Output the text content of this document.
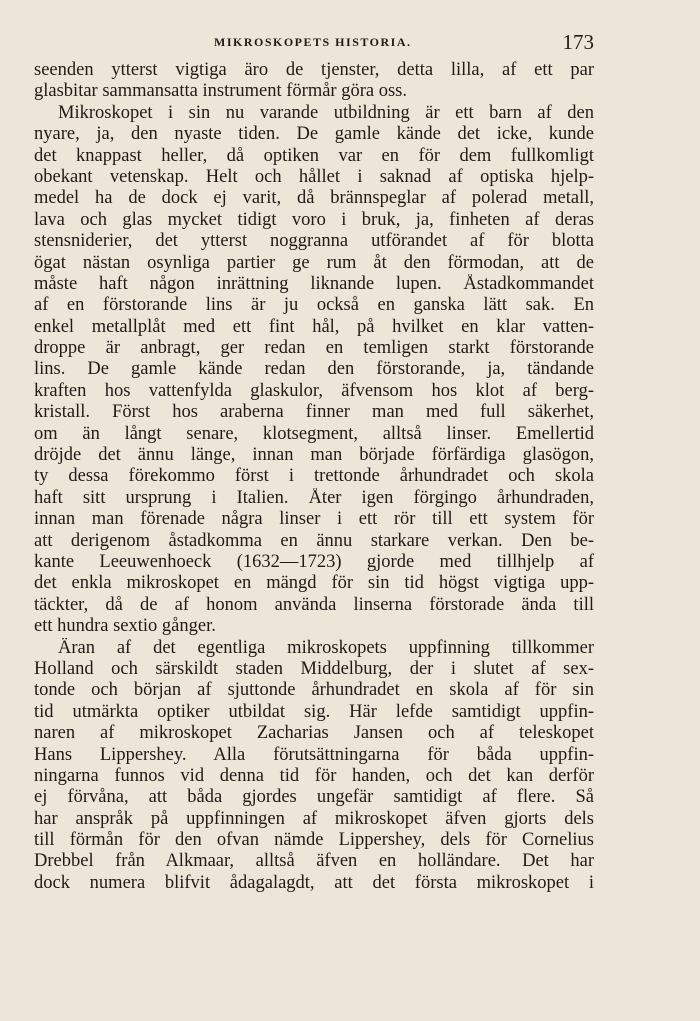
MIKROSKOPETS HISTORIA.	173
seenden ytterst vigtiga äro de tjenster, detta lilla, af ett par
glasbitar sammansatta instrument förmår göra oss.
Mikroskopet i sin nu varande utbildning är ett barn af den
nyare, ja, den nyaste tiden. De gamle kände det icke, kunde
det knappast heller, då optiken var en för dem fullkomligt
obekant vetenskap. Helt och hållet i saknad af optiska hjelp-
medel ha de dock ej varit, då brännspeglar af polerad metall,
lava och glas mycket tidigt voro i bruk, ja, finheten af deras
stensniderier, det ytterst noggranna utförandet af för blotta
ögat nästan osynliga partier ge rum åt den förmodan, att de
måste haft någon inrättning liknande lupen. Åstadkommandet
af en förstorande lins är ju också en ganska lätt sak. En
enkel metallplåt med ett fint hål, på hvilket en klar vatten-
droppe är anbragt, ger redan en temligen starkt förstorande
lins. De gamle kände redan den förstorande, ja, tändande
kraften hos vattenfylda glaskulor, äfvensom hos klot af berg-
kristall. Först hos araberna finner man med full säkerhet,
om än långt senare, klotsegment, alltså linser. Emellertid
dröjde det ännu länge, innan man började förfärdiga glasögon,
ty dessa förekommo först i trettonde århundradet och skola
haft sitt ursprung i Italien. Åter igen förgingo århundraden,
innan man förenade några linser i ett rör till ett system för
att derigenom åstadkomma en ännu starkare verkan. Den be-
kante Leeuwenhoeck (1632—1723) gjorde med tillhjelp af
det enkla mikroskopet en mängd för sin tid högst vigtiga upp-
täckter, då de af honom använda linserna förstorade ända till
ett hundra sextio gånger.
Äran af det egentliga mikroskopets uppfinning tillkommer
Holland och särskildt staden Middelburg, der i slutet af sex-
tonde och början af sjuttonde århundradet en skola af för sin
tid utmärkta optiker utbildat sig. Här lefde samtidigt uppfin-
naren af mikroskopet Zacharias Jansen och af teleskopet
Hans Lippershey. Alla förutsättningarna för båda uppfin-
ningarna funnos vid denna tid för handen, och det kan derför
ej förvåna, att båda gjordes ungefär samtidigt af flere. Så
har anspråk på uppfinningen af mikroskopet äfven gjorts dels
till förmån för den ofvan nämde Lippershey, dels för Cornelius
Drebbel från Alkmaar, alltså äfven en holländare. Det har
dock numera blifvit ådagalagdt, att det första mikroskopet i
